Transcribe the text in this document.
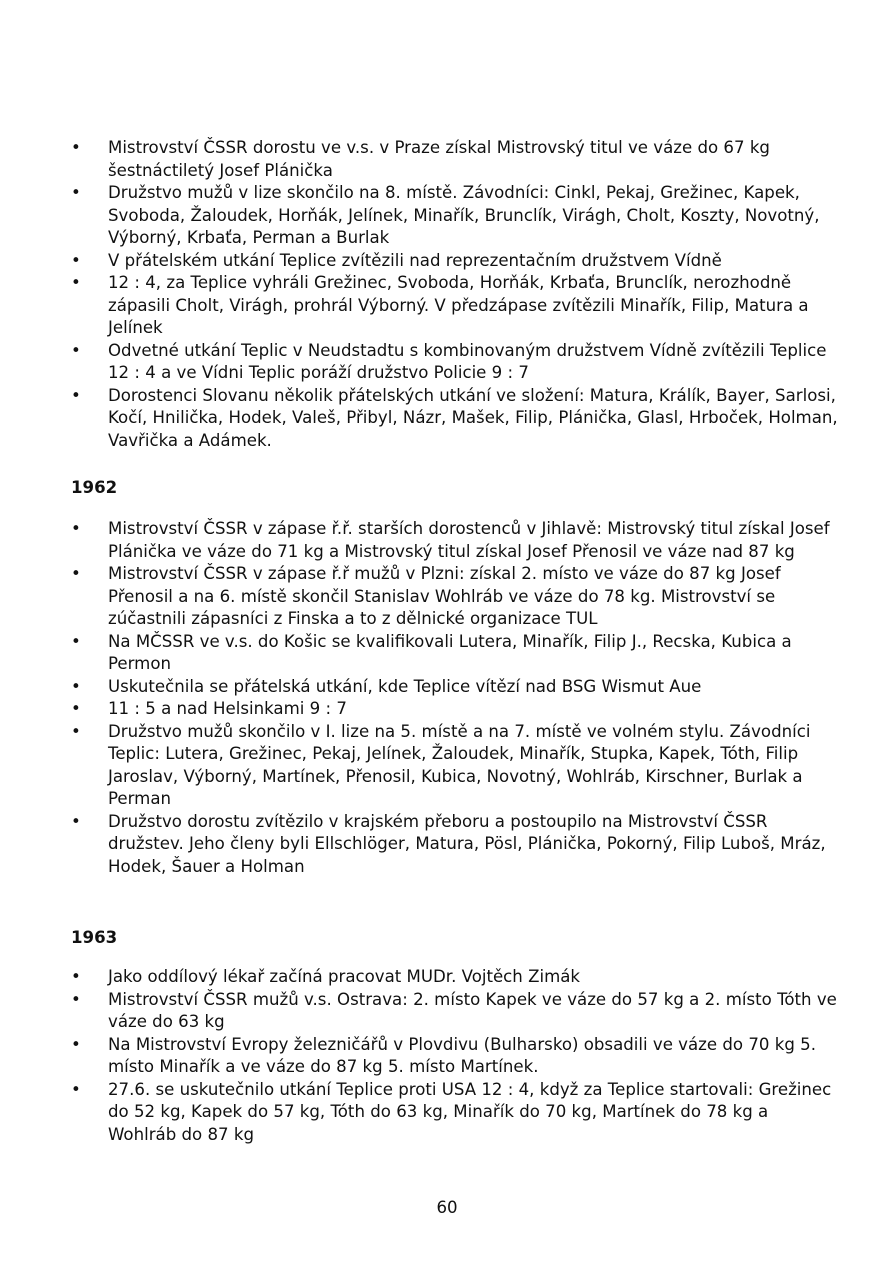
• Mistrovství ČSSR dorostu ve v.s. v Praze získal Mistrovský titul ve váze do 67 kg šestnáctiletý Josef Plánička
• Družstvo mužů v lize skončilo na 8. místě. Závodníci: Cinkl, Pekaj, Grežinec, Kapek, Svoboda, Žaloudek, Horňák, Jelínek, Minařík, Brunclík, Virágh, Cholt, Koszty, Novotný, Výborný, Krbaťa, Perman a Burlak
• V přátelském utkání Teplice zvítězili nad reprezentačním družstvem Vídně
• 12 : 4, za Teplice vyhráli Grežinec, Svoboda, Horňák, Krbaťa, Brunclík, nerozhodně zápasili Cholt, Virágh, prohrál Výborný. V předzápase zvítězili Minařík, Filip, Matura a Jelínek
• Odvetné utkání Teplic v Neudstadtu s kombinovaným družstvem Vídně zvítězili Teplice 12 : 4 a ve Vídni Teplic poráží družstvo Policie 9 : 7
• Dorostenci Slovanu několik přátelských utkání ve složení: Matura, Králík, Bayer, Sarlosi, Kočí, Hnilička, Hodek, Valeš, Přibyl, Názr, Mašek, Filip, Plánička, Glasl, Hrboček, Holman, Vavřička a Adámek.
1962
• Mistrovství ČSSR v zápase ř.ř. starších dorostenců v Jihlavě: Mistrovský titul získal Josef Plánička ve váze do 71 kg a Mistrovský titul získal Josef Přenosil ve váze nad 87 kg
• Mistrovství ČSSR v zápase ř.ř mužů v Plzni: získal 2. místo ve váze do 87 kg Josef Přenosil a na 6. místě skončil Stanislav Wohlráb ve váze do 78 kg. Mistrovství se zúčastnili zápasníci z Finska a to z dělnické organizace TUL
• Na MČSSR ve v.s. do Košic se kvalifikovali Lutera, Minařík, Filip J., Recska, Kubica a Permon
• Uskutečnila se přátelská utkání, kde Teplice vítězí nad BSG Wismut Aue
• 11 : 5 a nad Helsinkami 9 : 7
• Družstvo mužů skončilo v I. lize na 5. místě a na 7. místě ve volném stylu. Závodníci Teplic: Lutera, Grežinec, Pekaj, Jelínek, Žaloudek, Minařík, Stupka, Kapek, Tóth, Filip Jaroslav, Výborný, Martínek, Přenosil, Kubica, Novotný, Wohlráb, Kirschner, Burlak a Perman
• Družstvo dorostu zvítězilo v krajském přeboru a postoupilo na Mistrovství ČSSR družstev. Jeho členy byli Ellschlöger, Matura, Pösl, Plánička, Pokorný, Filip Luboš, Mráz, Hodek, Šauer a Holman
1963
• Jako oddílový lékař začíná pracovat MUDr. Vojtěch Zimák
• Mistrovství ČSSR mužů v.s. Ostrava: 2. místo Kapek ve váze do 57 kg a 2. místo Tóth ve váze do 63 kg
• Na Mistrovství Evropy železničářů v Plovdivu (Bulharsko) obsadili ve váze do 70 kg 5. místo Minařík a ve váze do 87 kg 5. místo Martínek.
• 27.6. se uskutečnilo utkání Teplice proti USA 12 : 4, když za Teplice startovali: Grežinec do 52 kg, Kapek do 57 kg, Tóth do 63 kg, Minařík do 70 kg, Martínek do 78 kg a Wohlráb do 87 kg
60
